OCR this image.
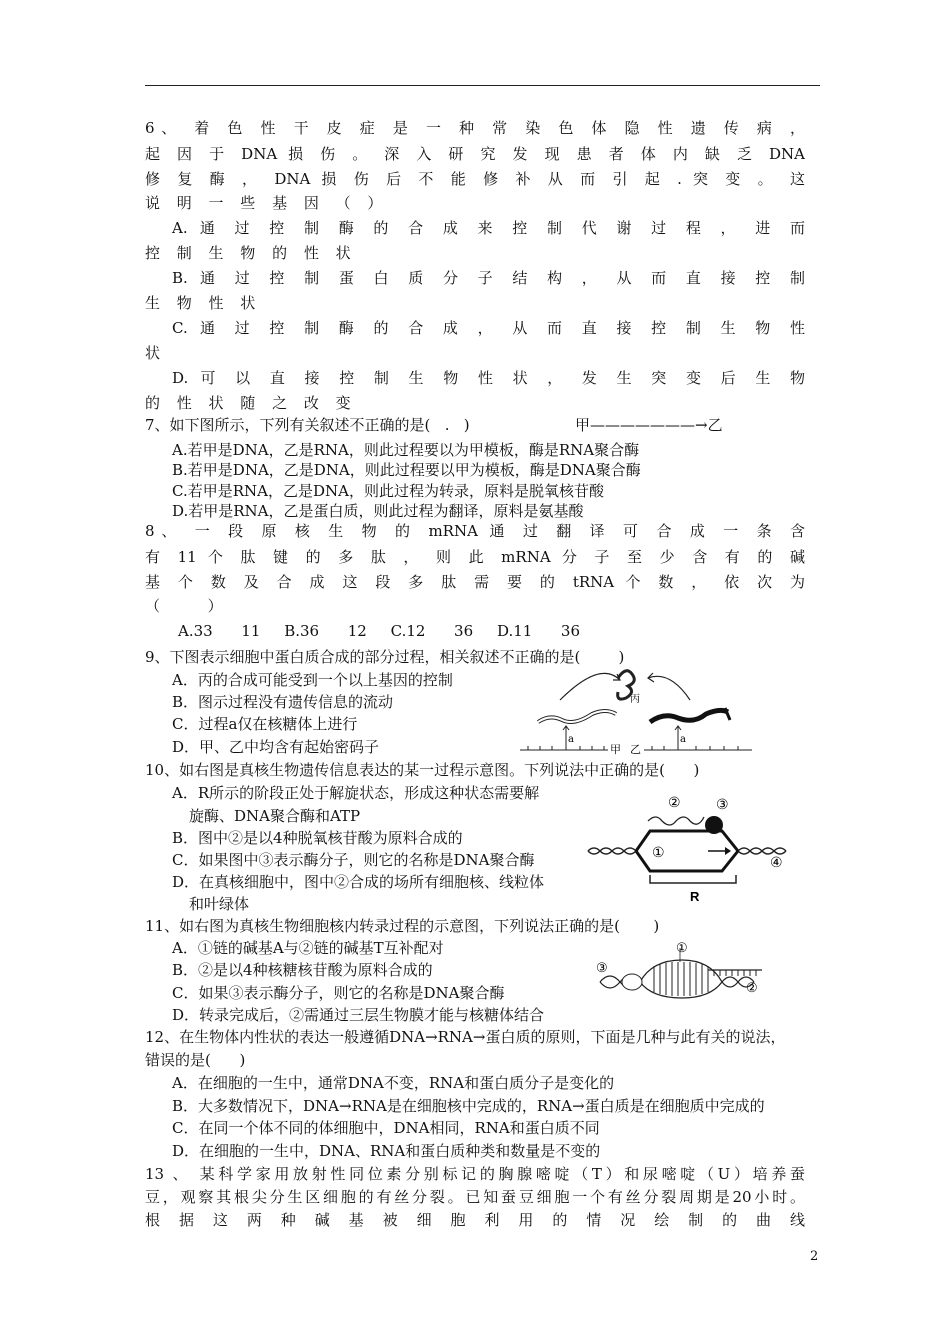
6、 着 色 性 干 皮 症 是 一 种 常 染 色 体 隐 性 遗 传 病 ，
起 因 于 DNA 损 伤 。 深 入 研 究 发 现 患 者 体 内 缺 乏 DNA
修 复 酶 ， DNA 损 伤 后 不 能 修 补 从 而 引 起 . 突 变 。 这
说 明 一 些 基 因 （ ）
A. 通 过 控 制 酶 的 合 成 来 控 制 代 谢 过 程 ， 进 而
控 制 生 物 的 性 状
B. 通 过 控 制 蛋 白 质 分 子 结 构 ， 从 而 直 接 控 制
生 物 性 状
C. 通 过 控 制 酶 的 合 成 ， 从 而 直 接 控 制 生 物 性
状
D. 可 以 直 接 控 制 生 物 性 状 ， 发 生 突 变 后 生 物
的 性 状 随 之 改 变
7、如下图所示，下列有关叙述不正确的是(   .   )	甲———————→乙
A.若甲是DNA，乙是RNA，则此过程要以为甲模板，酶是RNA聚合酶
B.若甲是DNA，乙是DNA，则此过程要以甲为模板，酶是DNA聚合酶
C.若甲是RNA，乙是DNA，则此过程为转录，原料是脱氧核苷酸
D.若甲是RNA，乙是蛋白质，则此过程为翻译，原料是氨基酸
8、 一 段 原 核 生 物 的 mRNA 通 过 翻 译 可 合 成 一 条 含
有 11 个 肽 键 的 多 肽 ， 则 此 mRNA 分 子 至 少 含 有 的 碱
基 个 数 及 合 成 这 段 多 肽 需 要 的 tRNA 个 数 ， 依 次 为
（          ）
A.33      11     B.36      12     C.12      36     D.11      36
9、下图表示细胞中蛋白质合成的部分过程，相关叙述不正确的是(        )
A．丙的合成可能受到一个以上基因的控制
B．图示过程没有遗传信息的流动
C．过程a仅在核糖体上进行
D．甲、乙中均含有起始密码子
丙
a	a
甲 乙
10、如右图是真核生物遗传信息表达的某一过程示意图。下列说法中正确的是(      )
A．R所示的阶段正处于解旋状态，形成这种状态需要解
旋酶、DNA聚合酶和ATP
B．图中②是以4种脱氧核苷酸为原料合成的
C．如果图中③表示酶分子，则它的名称是DNA聚合酶
D．在真核细胞中，图中②合成的场所有细胞核、线粒体
和叶绿体
①
②	③
④
R
11、如右图为真核生物细胞核内转录过程的示意图，下列说法正确的是(       )
A．①链的碱基A与②链的碱基T互补配对
B．②是以4种核糖核苷酸为原料合成的
C．如果③表示酶分子，则它的名称是DNA聚合酶
D．转录完成后，②需通过三层生物膜才能与核糖体结合
①
②
③
12、在生物体内性状的表达一般遵循DNA→RNA→蛋白质的原则，下面是几种与此有关的说法，
错误的是(      )
A．在细胞的一生中，通常DNA不变，RNA和蛋白质分子是变化的
B．大多数情况下，DNA→RNA是在细胞核中完成的，RNA→蛋白质是在细胞质中完成的
C．在同一个体不同的体细胞中，DNA相同，RNA和蛋白质不同
D．在细胞的一生中，DNA、RNA和蛋白质种类和数量是不变的
13 、 某科学家用放射性同位素分别标记的胸腺嘧啶（T）和尿嘧啶（U）培养蚕
豆，观察其根尖分生区细胞的有丝分裂。已知蚕豆细胞一个有丝分裂周期是20小时。
根 据 这 两 种 碱 基 被 细 胞 利 用 的 情 况 绘 制 的 曲 线
2
